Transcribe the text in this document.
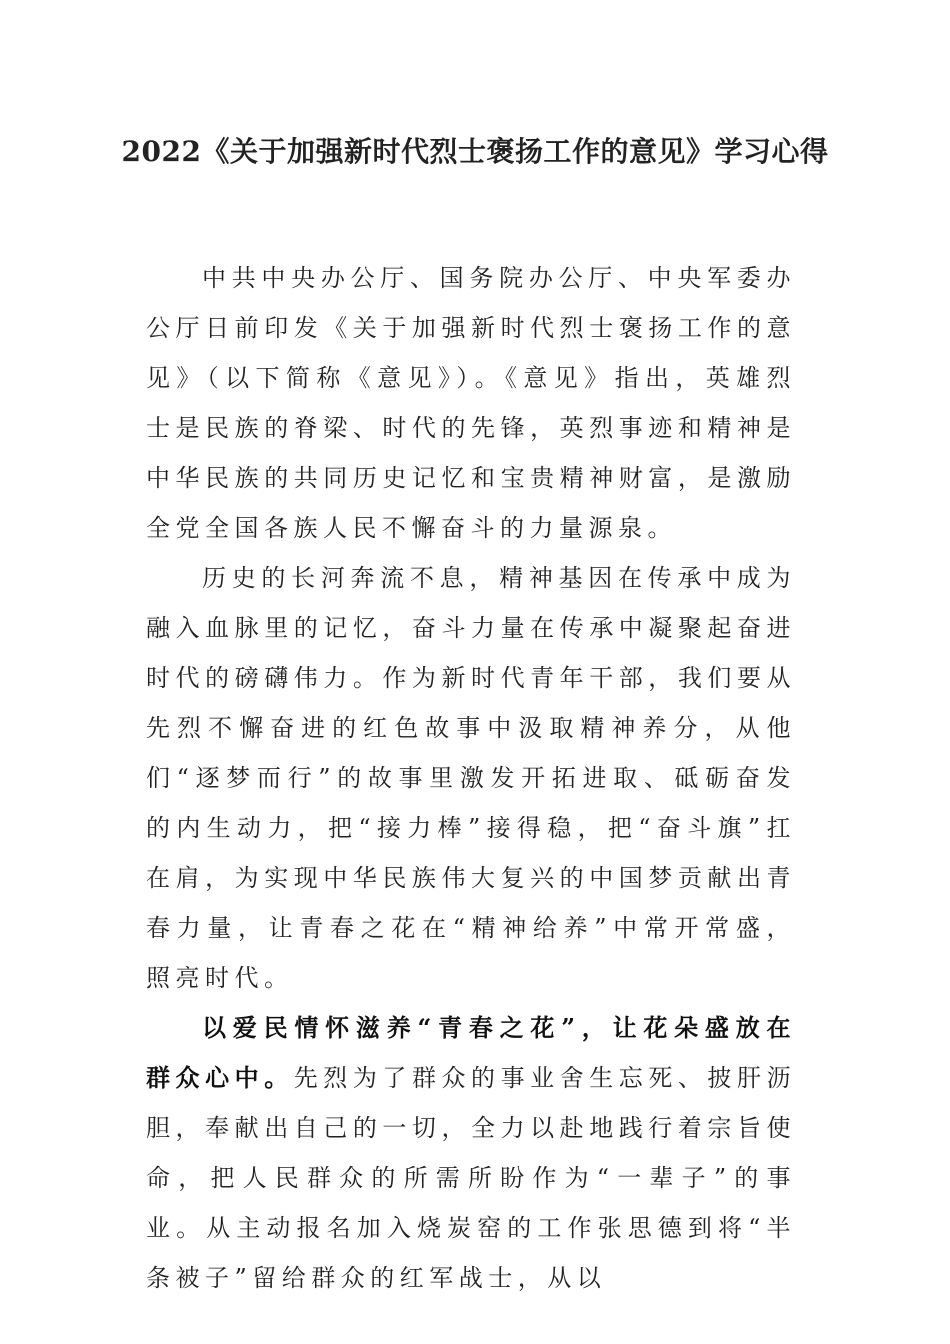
2022《关于加强新时代烈士褒扬工作的意见》学习心得

中共中央办公厅、国务院办公厅、中央军委办公厅日前印发《关于加强新时代烈士褒扬工作的意见》（以下简称《意见》）。《意见》指出，英雄烈士是民族的脊梁、时代的先锋，英烈事迹和精神是中华民族的共同历史记忆和宝贵精神财富，是激励全党全国各族人民不懈奋斗的力量源泉。

历史的长河奔流不息，精神基因在传承中成为融入血脉里的记忆，奋斗力量在传承中凝聚起奋进时代的磅礴伟力。作为新时代青年干部，我们要从先烈不懈奋进的红色故事中汲取精神养分，从他们“逐梦而行”的故事里激发开拓进取、砥砺奋发的内生动力，把“接力棒”接得稳，把“奋斗旗”扛在肩，为实现中华民族伟大复兴的中国梦贡献出青春力量，让青春之花在“精神给养”中常开常盛，照亮时代。

以爱民情怀滋养“青春之花”，让花朵盛放在群众心中。先烈为了群众的事业舍生忘死、披肝沥胆，奉献出自己的一切，全力以赴地践行着宗旨使命，把人民群众的所需所盼作为“一辈子”的事业。从主动报名加入烧炭窑的工作张思德到将“半条被子”留给群众的红军战士，从以
